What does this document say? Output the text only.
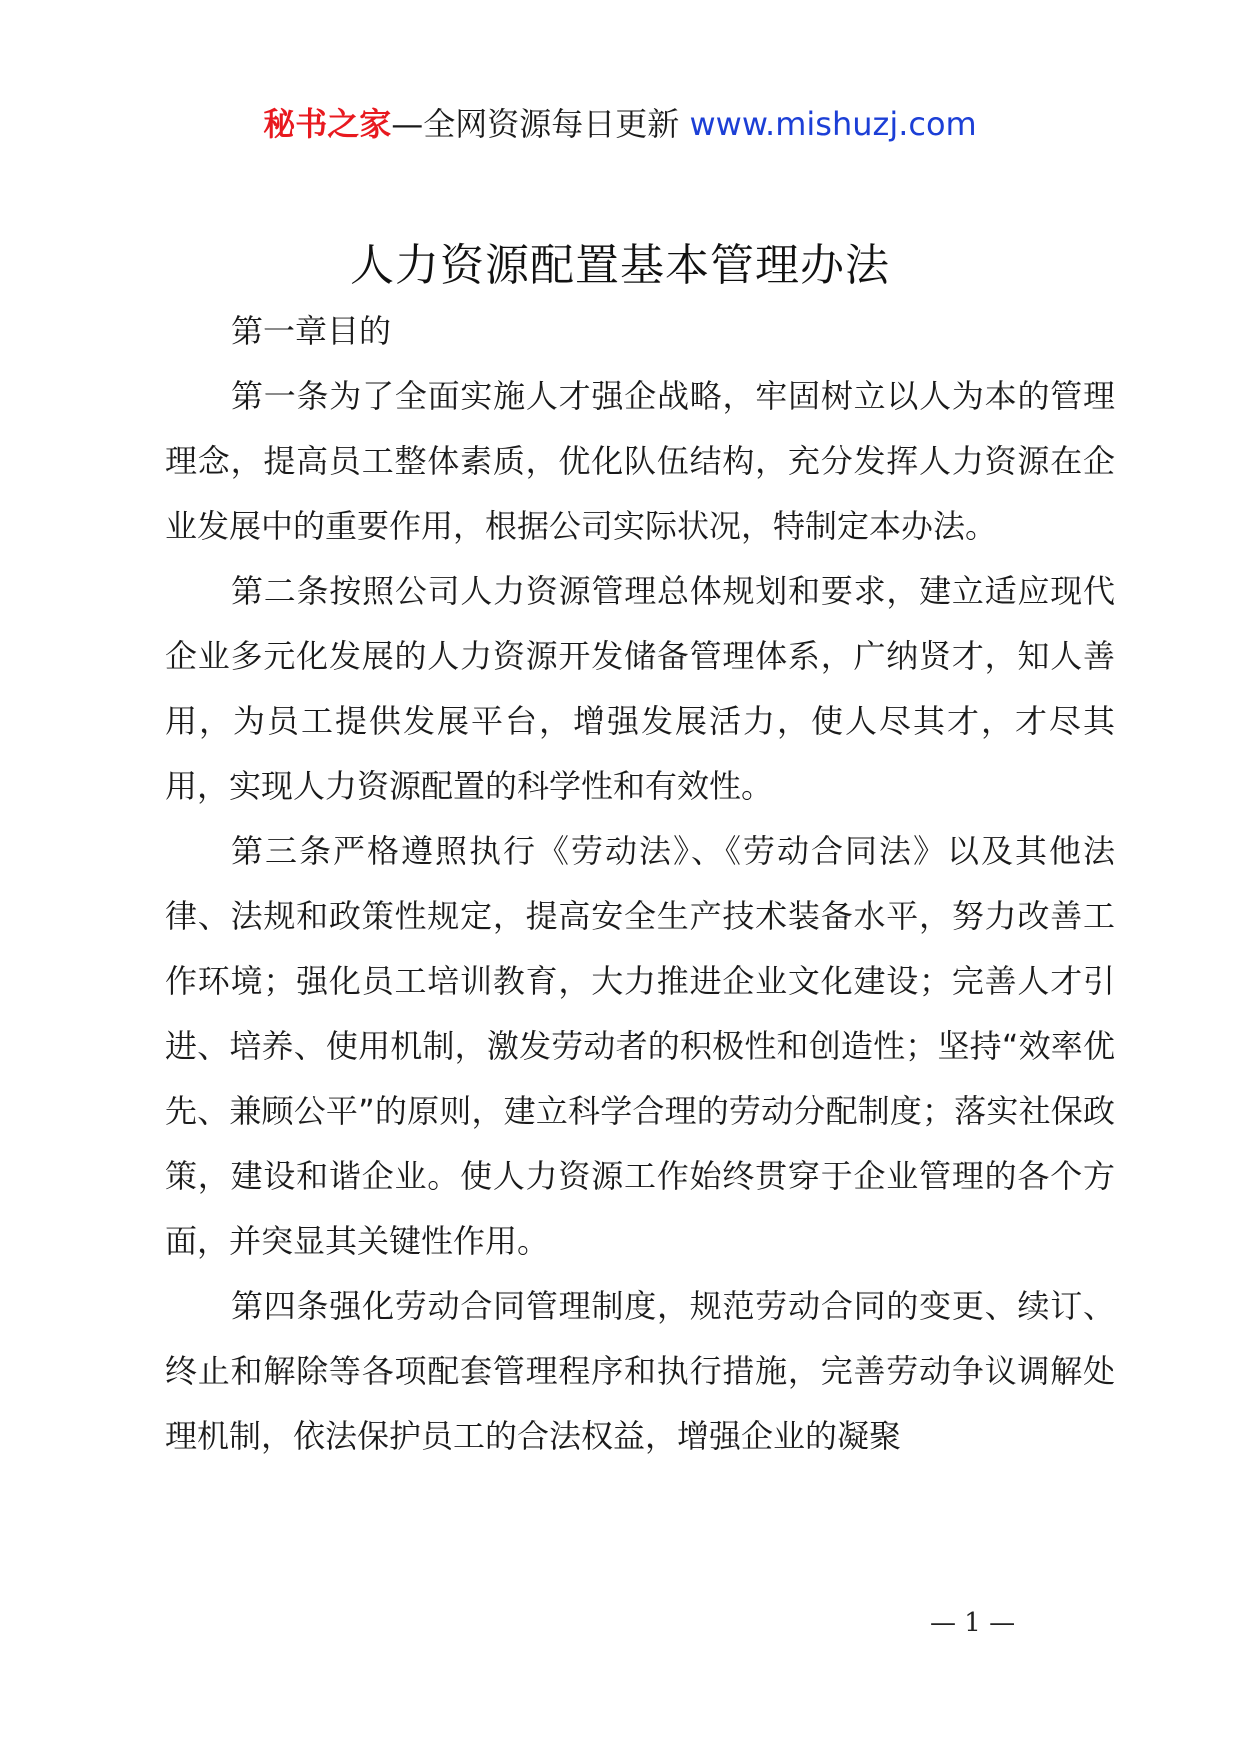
秘书之家—全网资源每日更新 www.mishuzj.com
人力资源配置基本管理办法

第一章目的

第一条为了全面实施人才强企战略，牢固树立以人为本的管理理念，提高员工整体素质，优化队伍结构，充分发挥人力资源在企业发展中的重要作用，根据公司实际状况，特制定本办法。

第二条按照公司人力资源管理总体规划和要求，建立适应现代企业多元化发展的人力资源开发储备管理体系，广纳贤才，知人善用，为员工提供发展平台，增强发展活力，使人尽其才，才尽其用，实现人力资源配置的科学性和有效性。

第三条严格遵照执行《劳动法》、《劳动合同法》以及其他法律、法规和政策性规定，提高安全生产技术装备水平，努力改善工作环境；强化员工培训教育，大力推进企业文化建设；完善人才引进、培养、使用机制，激发劳动者的积极性和创造性；坚持“效率优先、兼顾公平”的原则，建立科学合理的劳动分配制度；落实社保政策，建设和谐企业。使人力资源工作始终贯穿于企业管理的各个方面，并突显其关键性作用。

第四条强化劳动合同管理制度，规范劳动合同的变更、续订、终止和解除等各项配套管理程序和执行措施，完善劳动争议调解处理机制，依法保护员工的合法权益，增强企业的凝聚

— 1 —
